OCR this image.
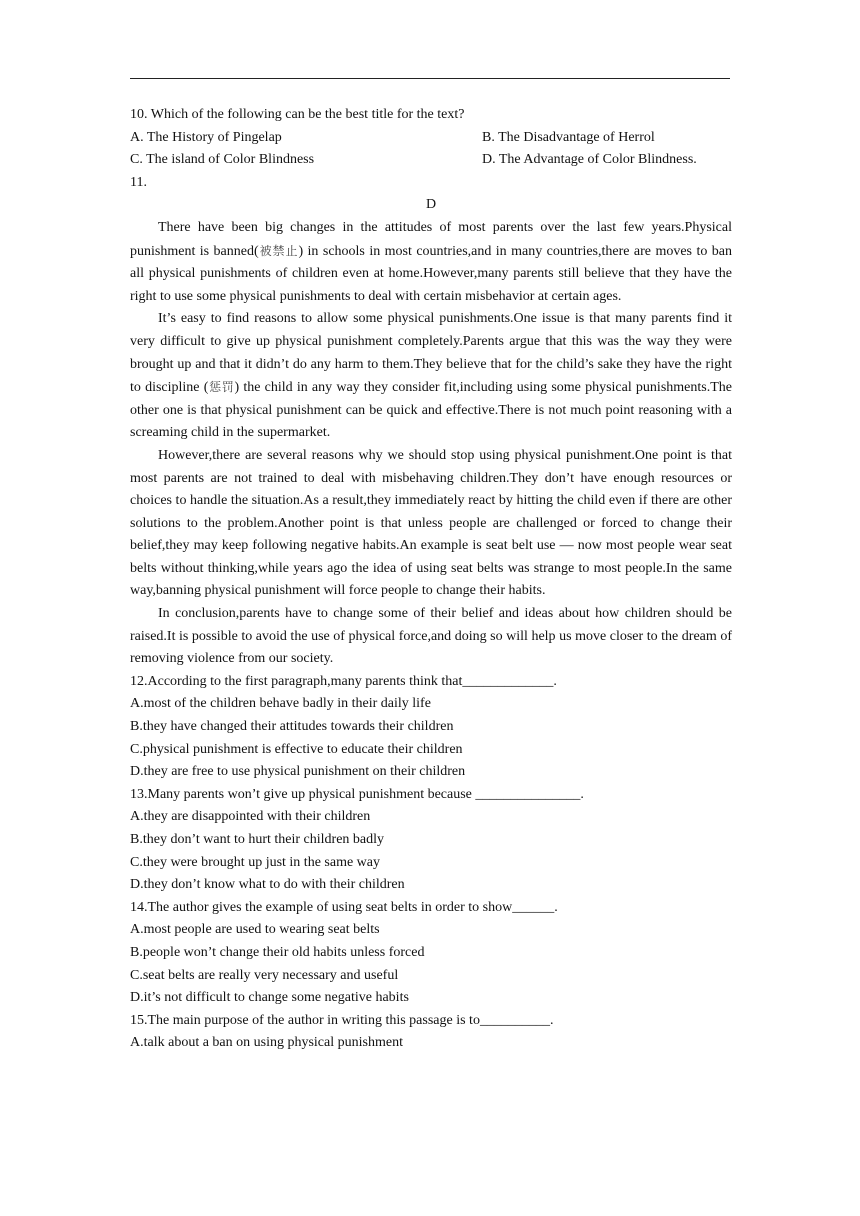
10. Which of the following can be the best title for the text?

A. The History of Pingelap	B. The Disadvantage of Herrol
C. The island of Color Blindness	D. The Advantage of Color Blindness.

11.

D

There have been big changes in the attitudes of most parents over the last few years.Physical punishment is banned(被禁止) in schools in most countries,and in many countries,there are moves to ban all physical punishments of children even at home.However,many parents still believe that they have the right to use some physical punishments to deal with certain misbehavior at certain ages.

It’s easy to find reasons to allow some physical punishments.One issue is that many parents find it very difficult to give up physical punishment completely.Parents argue that this was the way they were brought up and that it didn’t do any harm to them.They believe that for the child’s sake they have the right to discipline (惩罚) the child in any way they consider fit,including using some physical punishments.The other one is that physical punishment can be quick and effective.There is not much point reasoning with a screaming child in the supermarket.

However,there are several reasons why we should stop using physical punishment.One point is that most parents are not trained to deal with misbehaving children.They don’t have enough resources or choices to handle the situation.As a result,they immediately react by hitting the child even if there are other solutions to the problem.Another point is that unless people are challenged or forced to change their belief,they may keep following negative habits.An example is seat belt use — now most people wear seat belts without thinking,while years ago the idea of using seat belts was strange to most people.In the same way,banning physical punishment will force people to change their habits.

In conclusion,parents have to change some of their belief and ideas about how children should be raised.It is possible to avoid the use of physical force,and doing so will help us move closer to the dream of removing violence from our society.

12.According to the first paragraph,many parents think that_____________.

A.most of the children behave badly in their daily life

B.they have changed their attitudes towards their children

C.physical punishment is effective to educate their children

D.they are free to use physical punishment on their children

13.Many parents won’t give up physical punishment because _______________.

A.they are disappointed with their children

B.they don’t want to hurt their children badly

C.they were brought up just in the same way

D.they don’t know what to do with their children

14.The author gives the example of using seat belts in order to show______.

A.most people are used to wearing seat belts

B.people won’t change their old habits unless forced

C.seat belts are really very necessary and useful

D.it’s not difficult to change some negative habits

15.The main purpose of the author in writing this passage is to__________.

A.talk about a ban on using physical punishment
